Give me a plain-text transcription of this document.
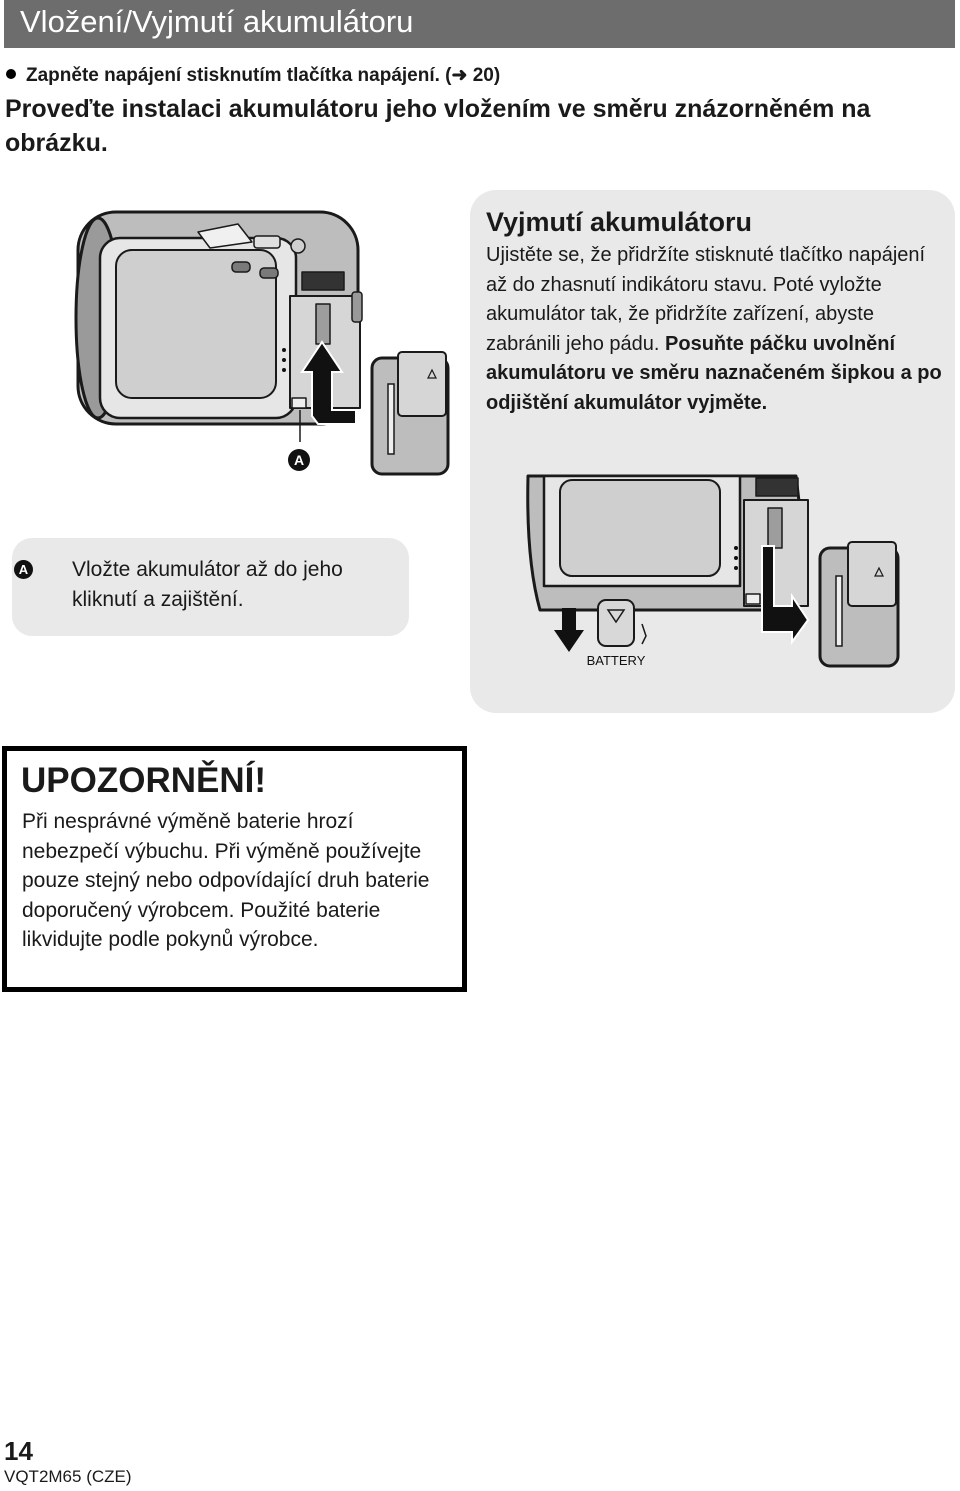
Vložení/Vyjmutí akumulátoru
Zapněte napájení stisknutím tlačítka napájení. (➜ 20)
Proveďte instalaci akumulátoru jeho vložením ve směru znázorněném na obrázku.
Vyjmutí akumulátoru
Ujistěte se, že přidržíte stisknuté tlačítko napájení až do zhasnutí indikátoru stavu. Poté vyložte akumulátor tak, že přidržíte zařízení, abyste zabránili jeho pádu. Posuňte páčku uvolnění akumulátoru ve směru naznačeném šipkou a po odjištění akumulátor vyjměte.
A
BATTERY
A Vložte akumulátor až do jeho kliknutí a zajištění.
UPOZORNĚNÍ!
Při nesprávné výměně baterie hrozí nebezpečí výbuchu. Při výměně používejte pouze stejný nebo odpovídající druh baterie doporučený výrobcem. Použité baterie likvidujte podle pokynů výrobce.
14
VQT2M65 (CZE)
